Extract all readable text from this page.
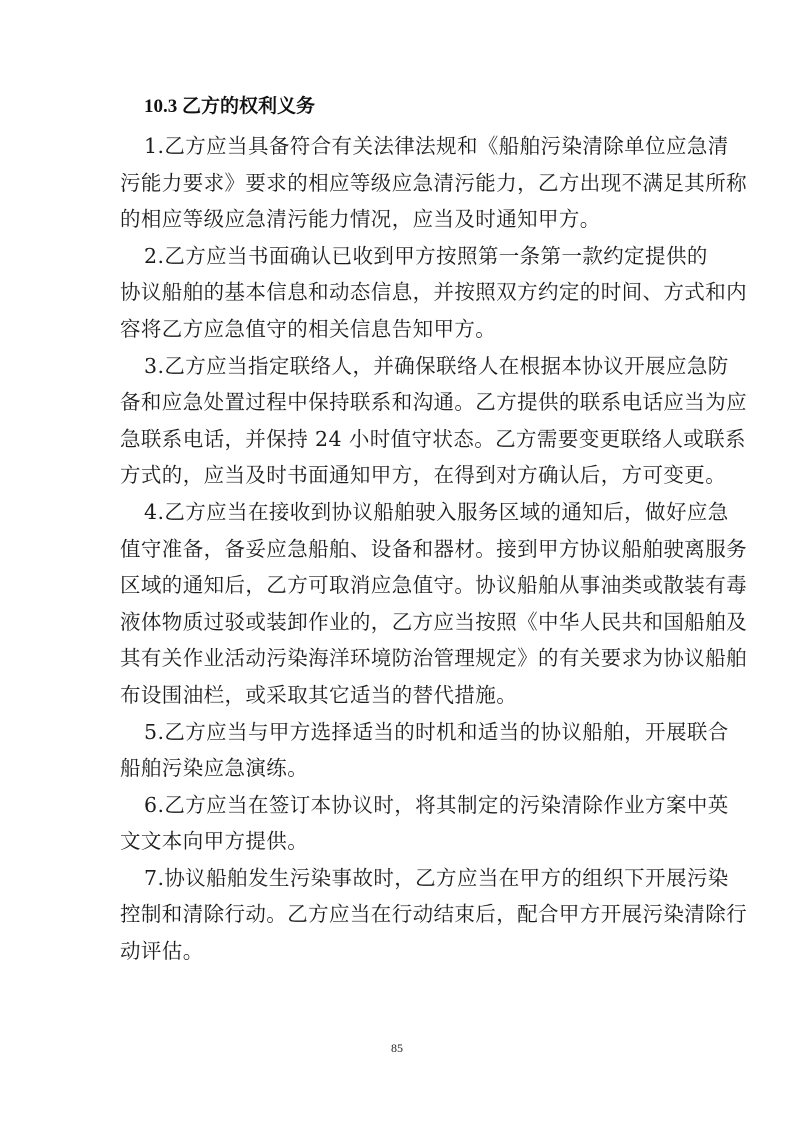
10.3 乙方的权利义务
1.乙方应当具备符合有关法律法规和《船舶污染清除单位应急清
污能力要求》要求的相应等级应急清污能力，乙方出现不满足其所称
的相应等级应急清污能力情况，应当及时通知甲方。
2.乙方应当书面确认已收到甲方按照第一条第一款约定提供的
协议船舶的基本信息和动态信息，并按照双方约定的时间、方式和内
容将乙方应急值守的相关信息告知甲方。
3.乙方应当指定联络人，并确保联络人在根据本协议开展应急防
备和应急处置过程中保持联系和沟通。乙方提供的联系电话应当为应
急联系电话，并保持 24 小时值守状态。乙方需要变更联络人或联系
方式的，应当及时书面通知甲方，在得到对方确认后，方可变更。
4.乙方应当在接收到协议船舶驶入服务区域的通知后，做好应急
值守准备，备妥应急船舶、设备和器材。接到甲方协议船舶驶离服务
区域的通知后，乙方可取消应急值守。协议船舶从事油类或散装有毒
液体物质过驳或装卸作业的，乙方应当按照《中华人民共和国船舶及
其有关作业活动污染海洋环境防治管理规定》的有关要求为协议船舶
布设围油栏，或采取其它适当的替代措施。
5.乙方应当与甲方选择适当的时机和适当的协议船舶，开展联合
船舶污染应急演练。
6.乙方应当在签订本协议时，将其制定的污染清除作业方案中英
文文本向甲方提供。
7.协议船舶发生污染事故时，乙方应当在甲方的组织下开展污染
控制和清除行动。乙方应当在行动结束后，配合甲方开展污染清除行
动评估。
85
